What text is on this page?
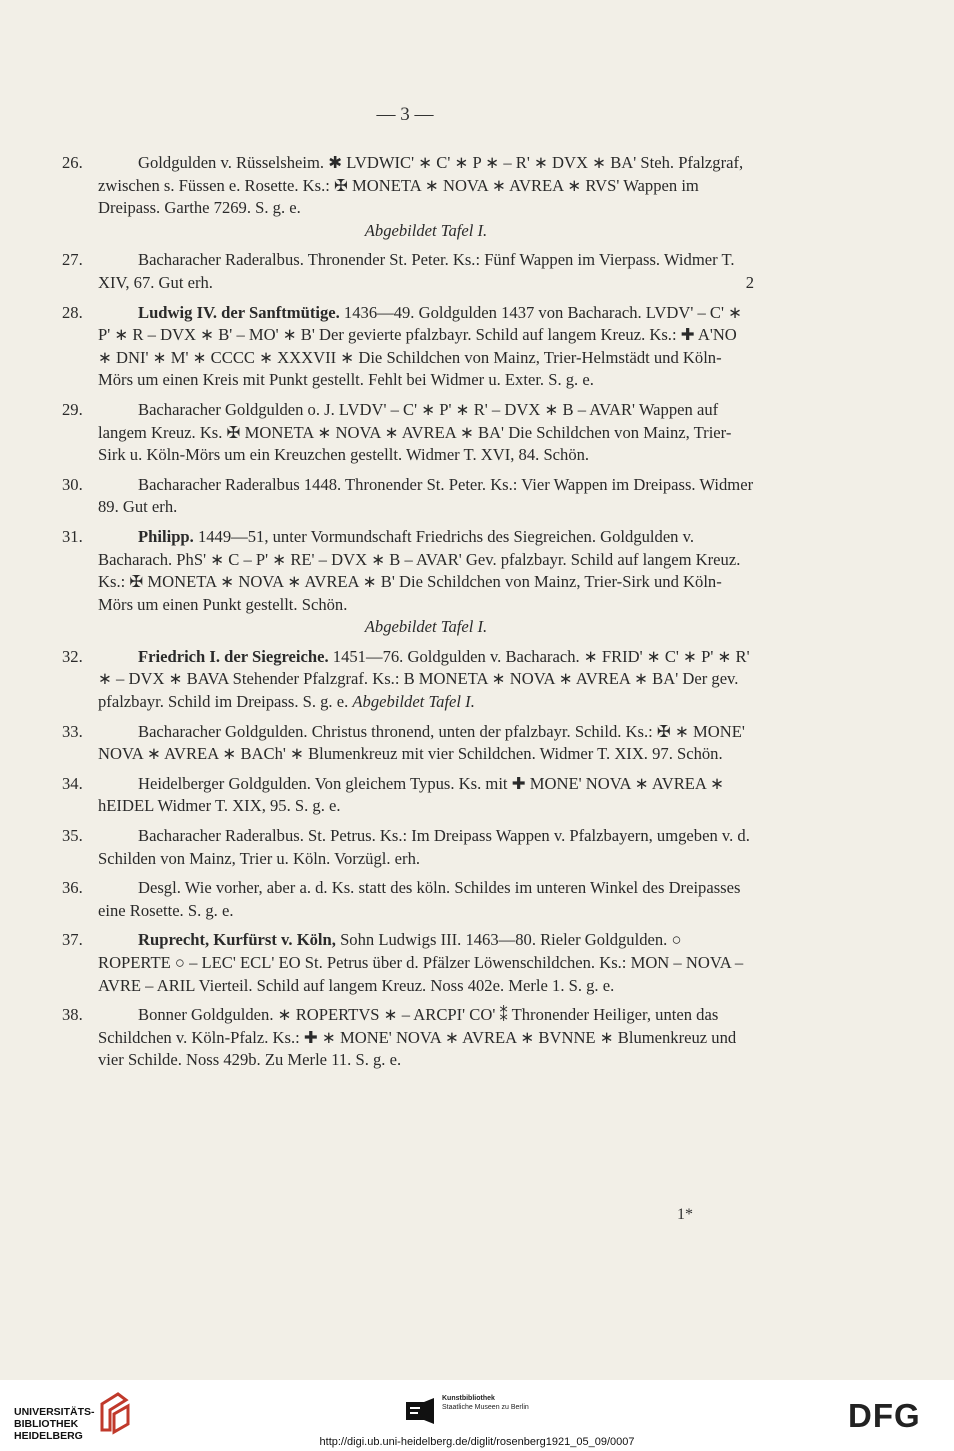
— 3 —
26.	Goldgulden v. Rüsselsheim. ✱ LVDWIC' ∗ C' ∗ P ∗ – R' ∗ DVX ∗ BA' Steh. Pfalzgraf, zwischen s. Füssen e. Rosette. Ks.: ✠ MONETA ∗ NOVA ∗ AVREA ∗ RVS' Wappen im Dreipass. Garthe 7269. S. g. e.
Abgebildet Tafel I.
27.	Bacharacher Raderalbus. Thronender St. Peter. Ks.: Fünf Wappen im Vierpass. Widmer T. XIV, 67. Gut erh.	2
28.	Ludwig IV. der Sanftmütige. 1436—49. Goldgulden 1437 von Bacharach. LVDV' – C' ∗ P' ∗ R – DVX ∗ B' – MO' ∗ B' Der gevierte pfalzbayr. Schild auf langem Kreuz. Ks.: ✚ A'NO ∗ DNI' ∗ M' ∗ CCCC ∗ XXXVII ∗ Die Schildchen von Mainz, Trier-Helmstädt und Köln-Mörs um einen Kreis mit Punkt gestellt. Fehlt bei Widmer u. Exter. S. g. e.
29.	Bacharacher Goldgulden o. J. LVDV' – C' ∗ P' ∗ R' – DVX ∗ B – AVAR' Wappen auf langem Kreuz. Ks. ✠ MONETA ∗ NOVA ∗ AVREA ∗ BA' Die Schildchen von Mainz, Trier-Sirk u. Köln-Mörs um ein Kreuzchen gestellt. Widmer T. XVI, 84. Schön.
30.	Bacharacher Raderalbus 1448. Thronender St. Peter. Ks.: Vier Wappen im Dreipass. Widmer 89. Gut erh.
31.	Philipp. 1449—51, unter Vormundschaft Friedrichs des Siegreichen. Goldgulden v. Bacharach. PhS' ∗ C – P' ∗ RE' – DVX ∗ B – AVAR' Gev. pfalzbayr. Schild auf langem Kreuz. Ks.: ✠ MONETA ∗ NOVA ∗ AVREA ∗ B' Die Schildchen von Mainz, Trier-Sirk und Köln-Mörs um einen Punkt gestellt. Schön.
Abgebildet Tafel I.
32.	Friedrich I. der Siegreiche. 1451—76. Goldgulden v. Bacharach. ∗ FRID' ∗ C' ∗ P' ∗ R' ∗ – DVX ∗ BAVA Stehender Pfalzgraf. Ks.: B MONETA ∗ NOVA ∗ AVREA ∗ BA' Der gev. pfalzbayr. Schild im Dreipass. S. g. e. Abgebildet Tafel I.
33.	Bacharacher Goldgulden. Christus thronend, unten der pfalzbayr. Schild. Ks.: ✠ ∗ MONE' NOVA ∗ AVREA ∗ BACh' ∗ Blumenkreuz mit vier Schildchen. Widmer T. XIX. 97. Schön.
34.	Heidelberger Goldgulden. Von gleichem Typus. Ks. mit ✚ MONE' NOVA ∗ AVREA ∗ hEIDEL Widmer T. XIX, 95. S. g. e.
35.	Bacharacher Raderalbus. St. Petrus. Ks.: Im Dreipass Wappen v. Pfalzbayern, umgeben v. d. Schilden von Mainz, Trier u. Köln. Vorzügl. erh.
36.	Desgl. Wie vorher, aber a. d. Ks. statt des köln. Schildes im unteren Winkel des Dreipasses eine Rosette. S. g. e.
37.	Ruprecht, Kurfürst v. Köln, Sohn Ludwigs III. 1463—80. Rieler Goldgulden. ○ ROPERTE ○ – LEC' ECL' EO St. Petrus über d. Pfälzer Löwenschildchen. Ks.: MON – NOVA – AVRE – ARIL Vierteil. Schild auf langem Kreuz. Noss 402e. Merle 1. S. g. e.
38.	Bonner Goldgulden. ∗ ROPERTVS ∗ – ARCPI' CO' ⁑ Thronender Heiliger, unten das Schildchen v. Köln-Pfalz. Ks.: ✚ ∗ MONE' NOVA ∗ AVREA ∗ BVNNE ∗ Blumenkreuz und vier Schilde. Noss 429b. Zu Merle 11. S. g. e.
1*
UNIVERSITÄTS-
BIBLIOTHEK
HEIDELBERG
Kunstbibliothek
Staatliche Museen zu Berlin	DFG
http://digi.ub.uni-heidelberg.de/diglit/rosenberg1921_05_09/0007
